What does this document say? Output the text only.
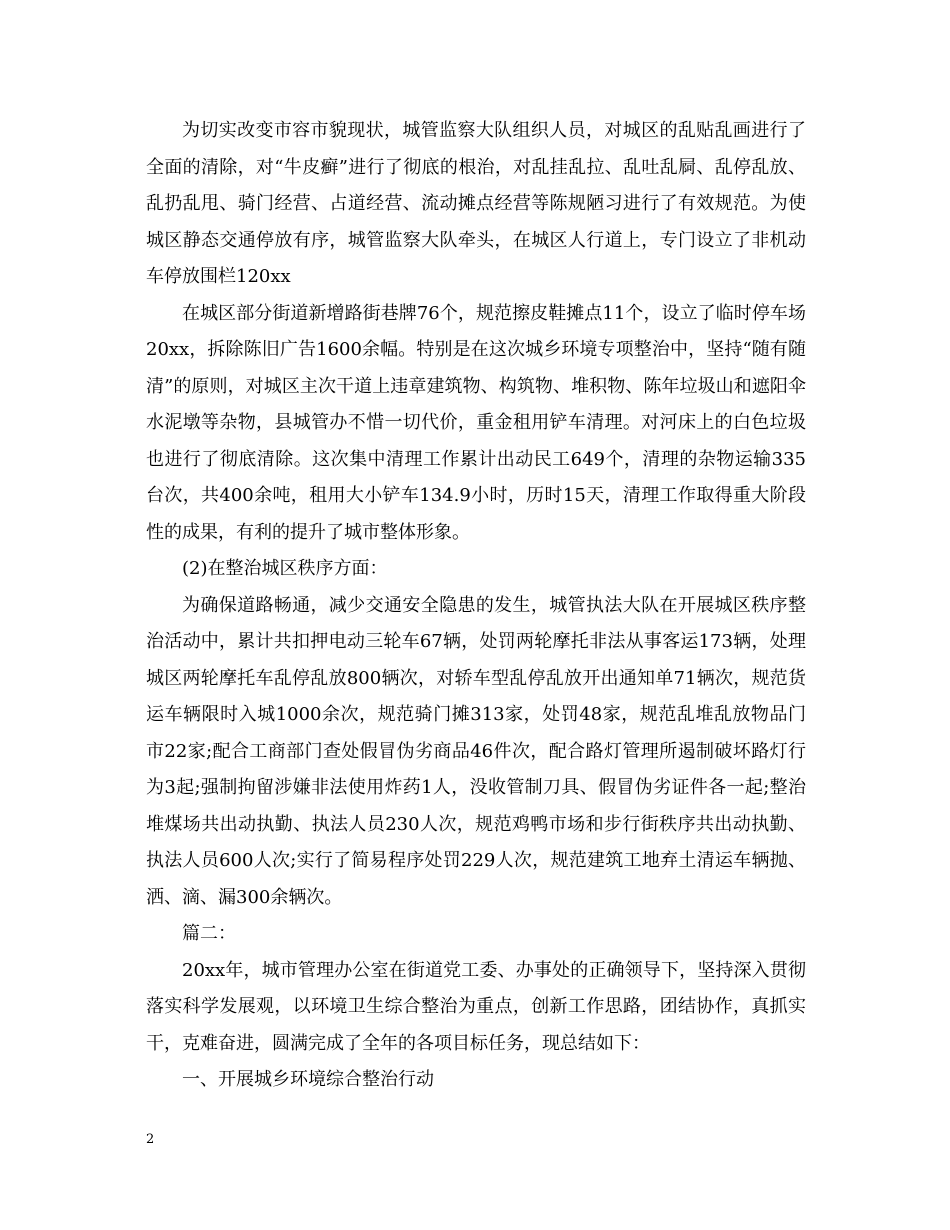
为切实改变市容市貌现状，城管监察大队组织人员，对城区的乱贴乱画进行了全面的清除，对“牛皮癣”进行了彻底的根治，对乱挂乱拉、乱吐乱屙、乱停乱放、乱扔乱甩、骑门经营、占道经营、流动摊点经营等陈规陋习进行了有效规范。为使城区静态交通停放有序，城管监察大队牵头，在城区人行道上，专门设立了非机动车停放围栏120xx

在城区部分街道新增路街巷牌76个，规范擦皮鞋摊点11个，设立了临时停车场20xx，拆除陈旧广告1600余幅。特别是在这次城乡环境专项整治中，坚持“随有随清”的原则，对城区主次干道上违章建筑物、构筑物、堆积物、陈年垃圾山和遮阳伞水泥墩等杂物，县城管办不惜一切代价，重金租用铲车清理。对河床上的白色垃圾也进行了彻底清除。这次集中清理工作累计出动民工649个，清理的杂物运输335台次，共400余吨，租用大小铲车134.9小时，历时15天，清理工作取得重大阶段性的成果，有利的提升了城市整体形象。

(2)在整治城区秩序方面：

为确保道路畅通，减少交通安全隐患的发生，城管执法大队在开展城区秩序整治活动中，累计共扣押电动三轮车67辆，处罚两轮摩托非法从事客运173辆，处理城区两轮摩托车乱停乱放800辆次，对轿车型乱停乱放开出通知单71辆次，规范货运车辆限时入城1000余次，规范骑门摊313家，处罚48家，规范乱堆乱放物品门市22家;配合工商部门查处假冒伪劣商品46件次，配合路灯管理所遏制破坏路灯行为3起;强制拘留涉嫌非法使用炸药1人，没收管制刀具、假冒伪劣证件各一起;整治堆煤场共出动执勤、执法人员230人次，规范鸡鸭市场和步行街秩序共出动执勤、执法人员600人次;实行了简易程序处罚229人次，规范建筑工地弃土清运车辆抛、洒、滴、漏300余辆次。

篇二：

20xx年，城市管理办公室在街道党工委、办事处的正确领导下，坚持深入贯彻落实科学发展观，以环境卫生综合整治为重点，创新工作思路，团结协作，真抓实干，克难奋进，圆满完成了全年的各项目标任务，现总结如下：

一、开展城乡环境综合整治行动

2
